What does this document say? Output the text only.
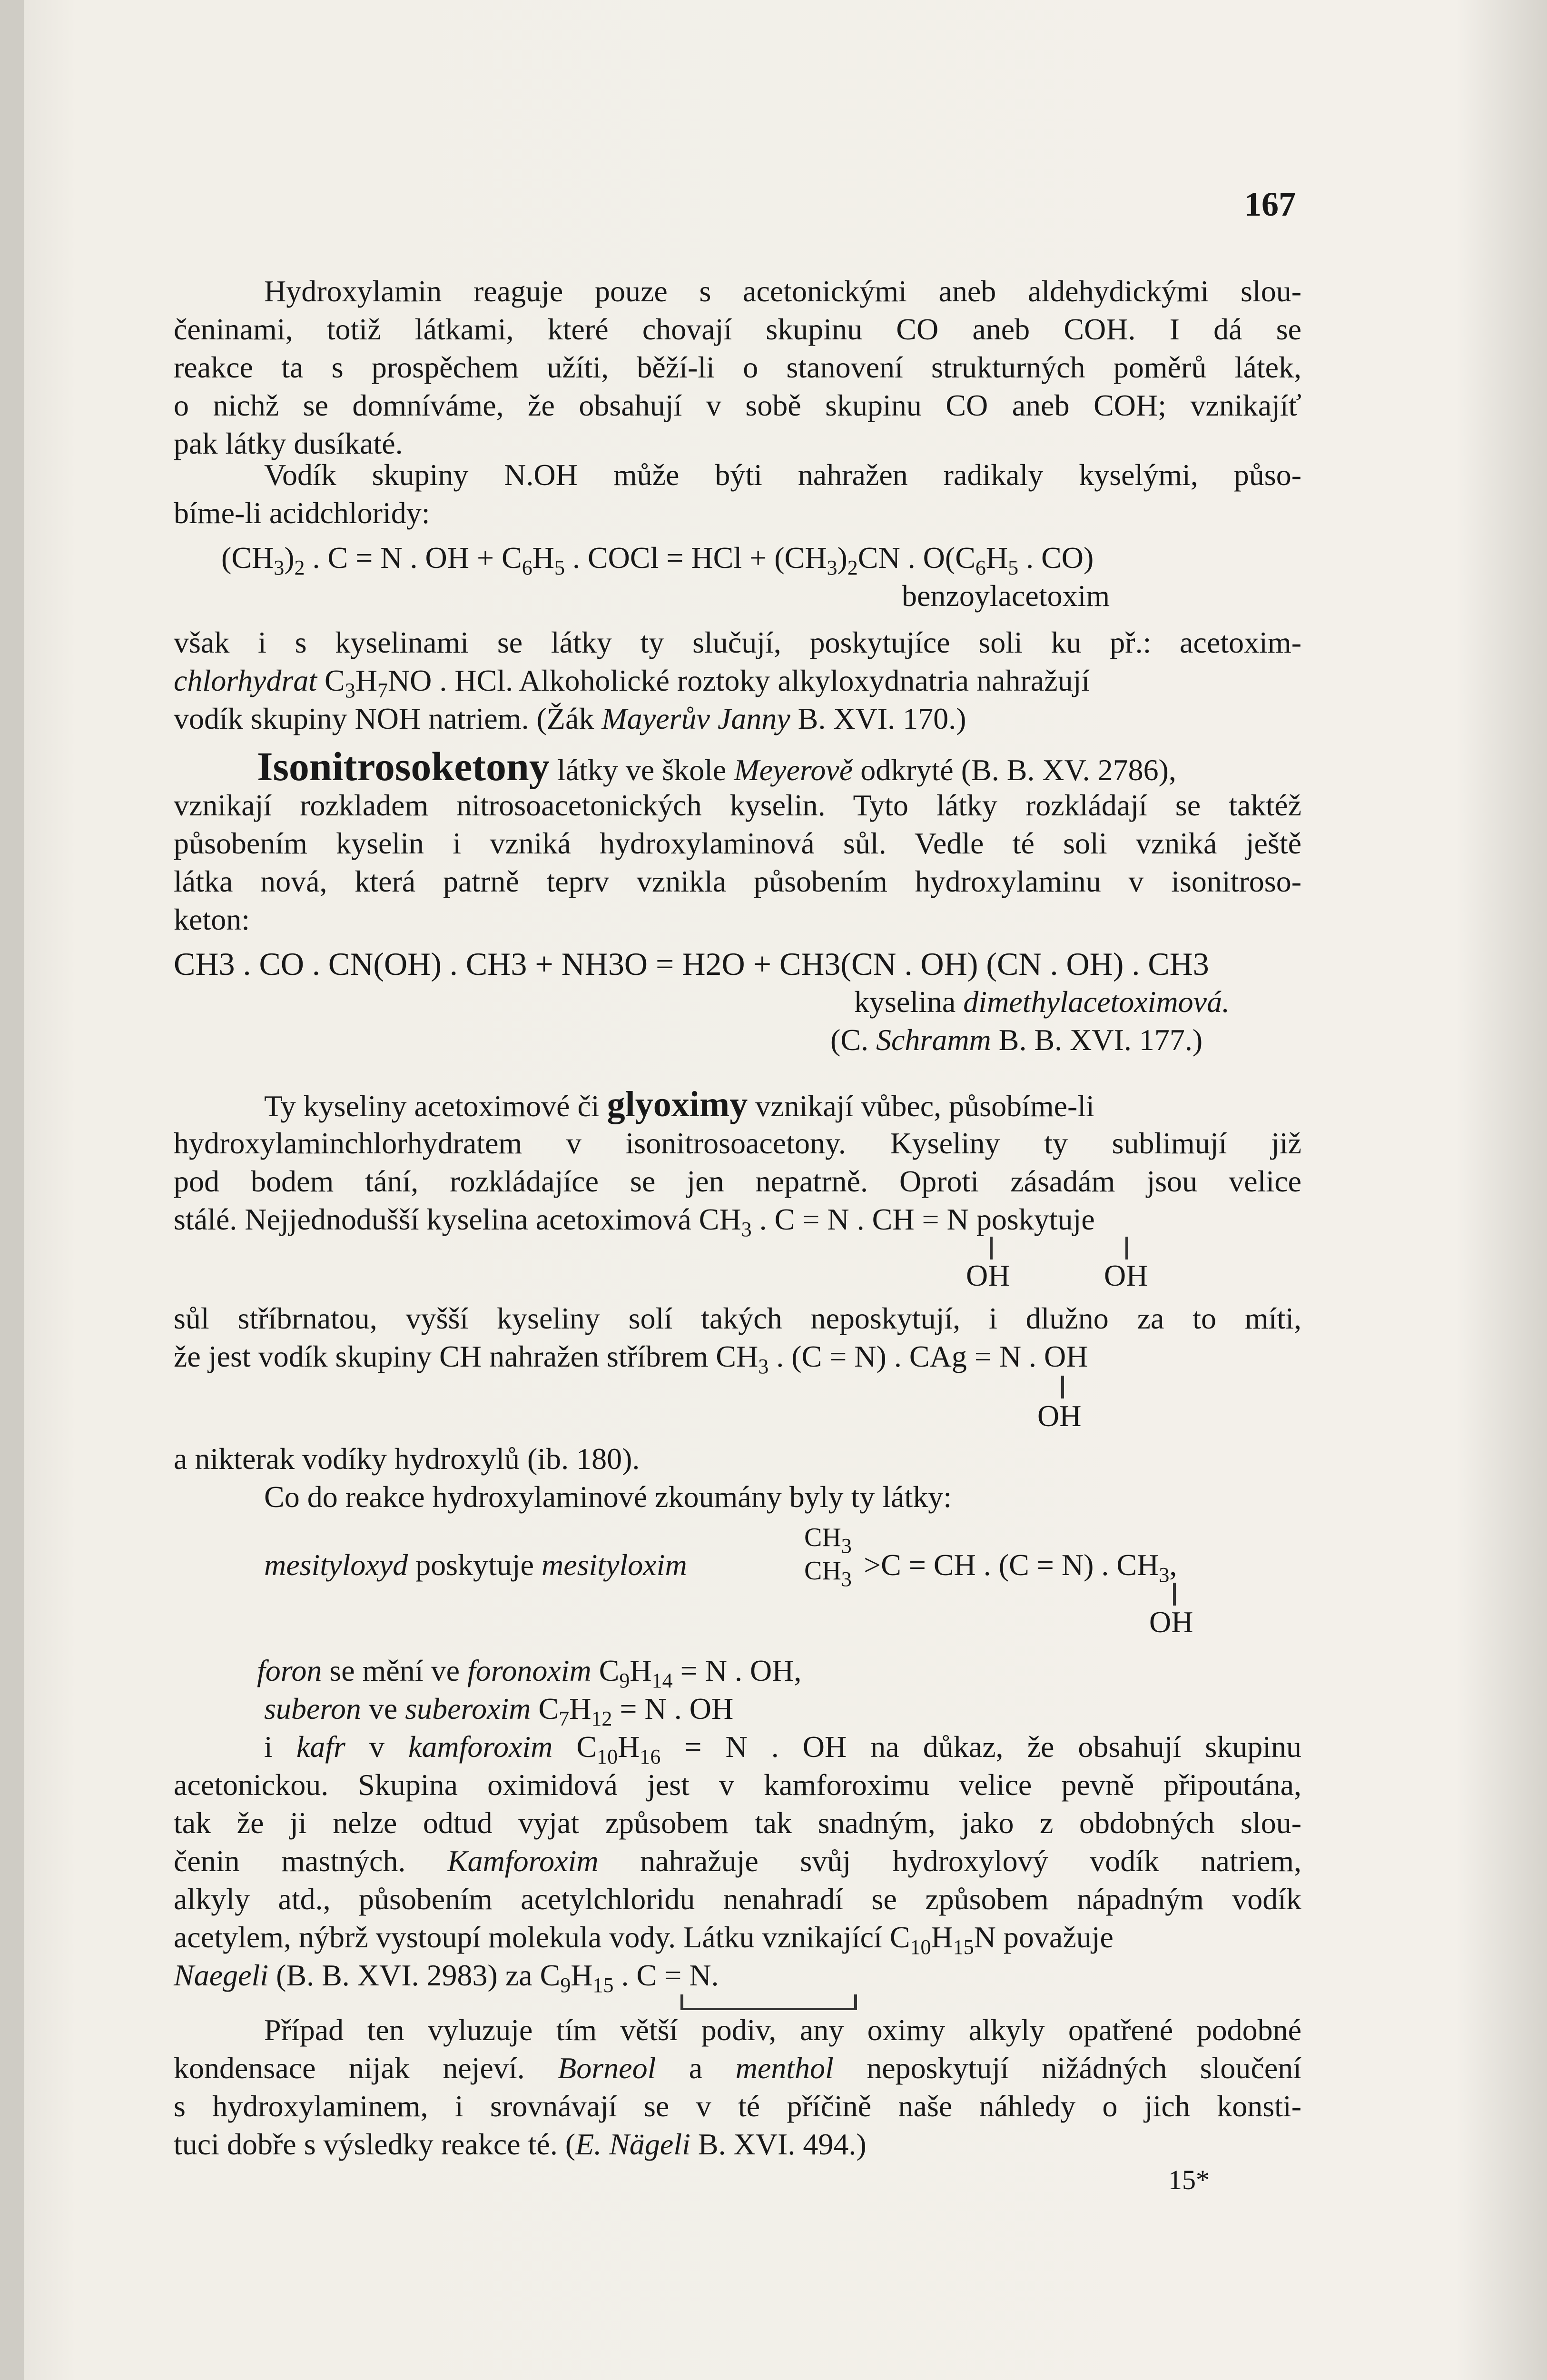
167
Hydroxylamin reaguje pouze s acetonickými aneb aldehydickými slou-
čeninami, totiž látkami, které chovají skupinu CO aneb COH. I dá se
reakce ta s prospěchem užíti, běží-li o stanovení strukturných poměrů látek,
o nichž se domníváme, že obsahují v sobě skupinu CO aneb COH; vznikajíť
pak látky dusíkaté.
Vodík skupiny N.OH může býti nahražen radikaly kyselými, půso-
bíme-li acidchloridy:
$(CH_3)_2$ . C = N . OH + $C_6H_5$ . COCl = HCl + $(CH_3)_2CN$ . $O(C_6H_5$ . CO)
benzoylacetoxim
však i s kyselinami se látky ty slučují, poskytujíce soli ku př.: acetoxim-
chlorhydrat $C_3H_7NO$ . HCl. Alkoholické roztoky alkyloxydnatria nahražují
vodík skupiny NOH natriem. (Žák Mayerův Janny B. XVI. 170.)
Isonitrosoketony látky ve škole Meyerově odkryté (B. B. XV. 2786),
vznikají rozkladem nitrosoacetonických kyselin. Tyto látky rozkládají se taktéž
působením kyselin i vzniká hydroxylaminová sůl. Vedle té soli vzniká ještě
látka nová, která patrně teprv vznikla působením hydroxylaminu v isonitroso-
keton:
CH3 . CO . CN(OH) . CH3 + NH3O = H2O + CH3(CN . OH) (CN . OH) . CH3
kyselina dimethylacetoximová.
(C. Schramm B. B. XVI. 177.)
Ty kyseliny acetoximové či glyoximy vznikají vůbec, působíme-li
hydroxylaminchlorhydratem v isonitrosoacetony. Kyseliny ty sublimují již
pod bodem tání, rozkládajíce se jen nepatrně. Oproti zásadám jsou velice
stálé. Nejjednodušší kyselina acetoximová $CH_3$ . C = N . CH = N poskytuje
OH	OH
sůl stříbrnatou, vyšší kyseliny solí takých neposkytují, i dlužno za to míti,
že jest vodík skupiny CH nahražen stříbrem $CH_3$ . (C = N) . CAg = N . OH
OH
a nikterak vodíky hydroxylů (ib. 180).
Co do reakce hydroxylaminové zkoumány byly ty látky:
mesityloxyd poskytuje mesityloxim
$CH_3$
$CH_3 >C$ = CH . (C = N) . $CH_3$,
OH
foron se mění ve foronoxim $C_9H_{14} = N$ . OH,
suberon ve suberoxim $C_7H_{12} = N$ . OH
i kafr v kamforoxim $C_{10}H_{16} = N$ . OH na důkaz, že obsahují skupinu
acetonickou. Skupina oximidová jest v kamforoximu velice pevně připoutána,
tak že ji nelze odtud vyjat způsobem tak snadným, jako z obdobných slou-
čenin mastných. Kamforoxim nahražuje svůj hydroxylový vodík natriem,
alkyly atd., působením acetylchloridu nenahradí se způsobem nápadným vodík
acetylem, nýbrž vystoupí molekula vody. Látku vznikající $C_{10}H_{15}N$ považuje
Naegeli (B. B. XVI. 2983) za $C_9H_{15}$ . C = N.
Případ ten vyluzuje tím větší podiv, any oximy alkyly opatřené podobné
kondensace nijak nejeví. Borneol a menthol neposkytují nižádných sloučení
s hydroxylaminem, i srovnávají se v té příčině naše náhledy o jich konsti-
tuci dobře s výsledky reakce té. (E. Nägeli B. XVI. 494.)
15*
